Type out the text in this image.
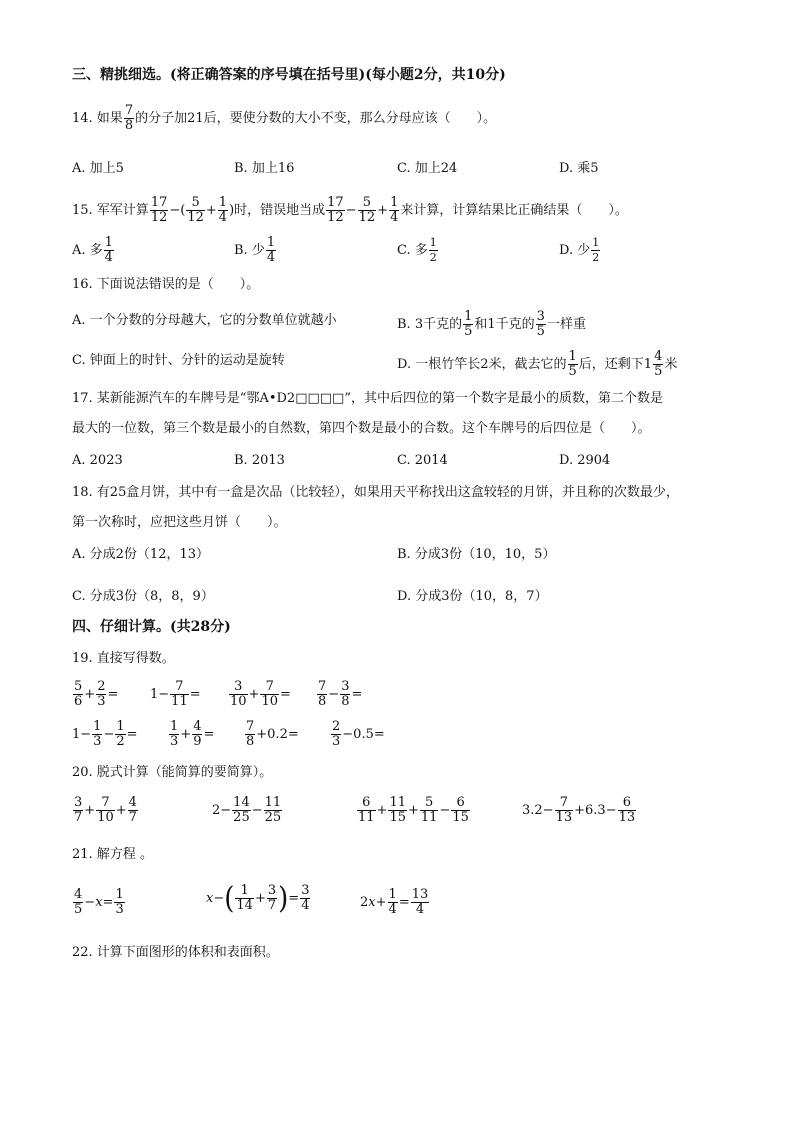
三、精挑细选。(将正确答案的序号填在括号里)(每小题2分，共10分)
14. 如果 $\frac{7}{8}$ 的分子加21后，要使分数的大小不变，那么分母应该（　　）。
A. 加上5	B. 加上16	C. 加上24	D. 乘5
15. 军军计算 $\frac{17}{12}$ −( $\frac{5}{12} + \frac{1}{4}$ )时，错误地当成 $\frac{17}{12} - \frac{5}{12} + \frac{1}{4}$ 来计算，计算结果比正确结果（　　）。
A. 多 $\frac{1}{4}$	B. 少 $\frac{1}{4}$	C. 多 $\frac{1}{2}$	D. 少 $\frac{1}{2}$
16. 下面说法错误的是（　　）。
A. 一个分数的分母越大，它的分数单位就越小	B. 3千克的 $\frac{1}{5}$ 和1千克的 $\frac{3}{5}$ 一样重
C. 钟面上的时针、分针的运动是旋转	D. 一根竹竿长2米，截去它的 $\frac{1}{5}$ 后，还剩下$1 \frac{4}{5}$ 米
17. 某新能源汽车的车牌号是“鄂A•D2□□□□”，其中后四位的第一个数字是最小的质数，第二个数是
最大的一位数，第三个数是最小的自然数，第四个数是最小的合数。这个车牌号的后四位是（　　）。
A. 2023	B. 2013	C. 2014	D. 2904
18. 有25盒月饼，其中有一盒是次品（比较轻），如果用天平称找出这盒较轻的月饼，并且称的次数最少，
第一次称时，应把这些月饼（　　）。
A. 分成2份（12，13）	B. 分成3份（10，10，5）
C. 分成3份（8，8，9）	D. 分成3份（10，8，7）
四、仔细计算。(共28分)
19. 直接写得数。
$\frac{5}{6} + \frac{2}{3} = 1- \frac{7}{11} = \frac{3}{10} + \frac{7}{10} = \frac{7}{8} - \frac{3}{8}$ =
$1- \frac{1}{3} - \frac{1}{2} = \frac{1}{3} + \frac{4}{9} = \frac{7}{8} +0.2= \frac{2}{3} -0.5=$
20. 脱式计算（能简算的要简算）。
$\frac{3}{7} + \frac{7}{10} + \frac{4}{7}$	$2- \frac{14}{25} - \frac{11}{25}$	$\frac{6}{11} + \frac{11}{15} + \frac{5}{11} - \frac{6}{15}$	$3.2- \frac{7}{13} +6.3- \frac{6}{13}$
21. 解方程 。
$\frac{4}{5} -x= \frac{1}{3}$	$x-( \frac{1}{14} + \frac{3}{7}$ )= $\frac{3}{4}$	$2x+ \frac{1}{4} = \frac{13}{4}$
22. 计算下面图形的体积和表面积。
